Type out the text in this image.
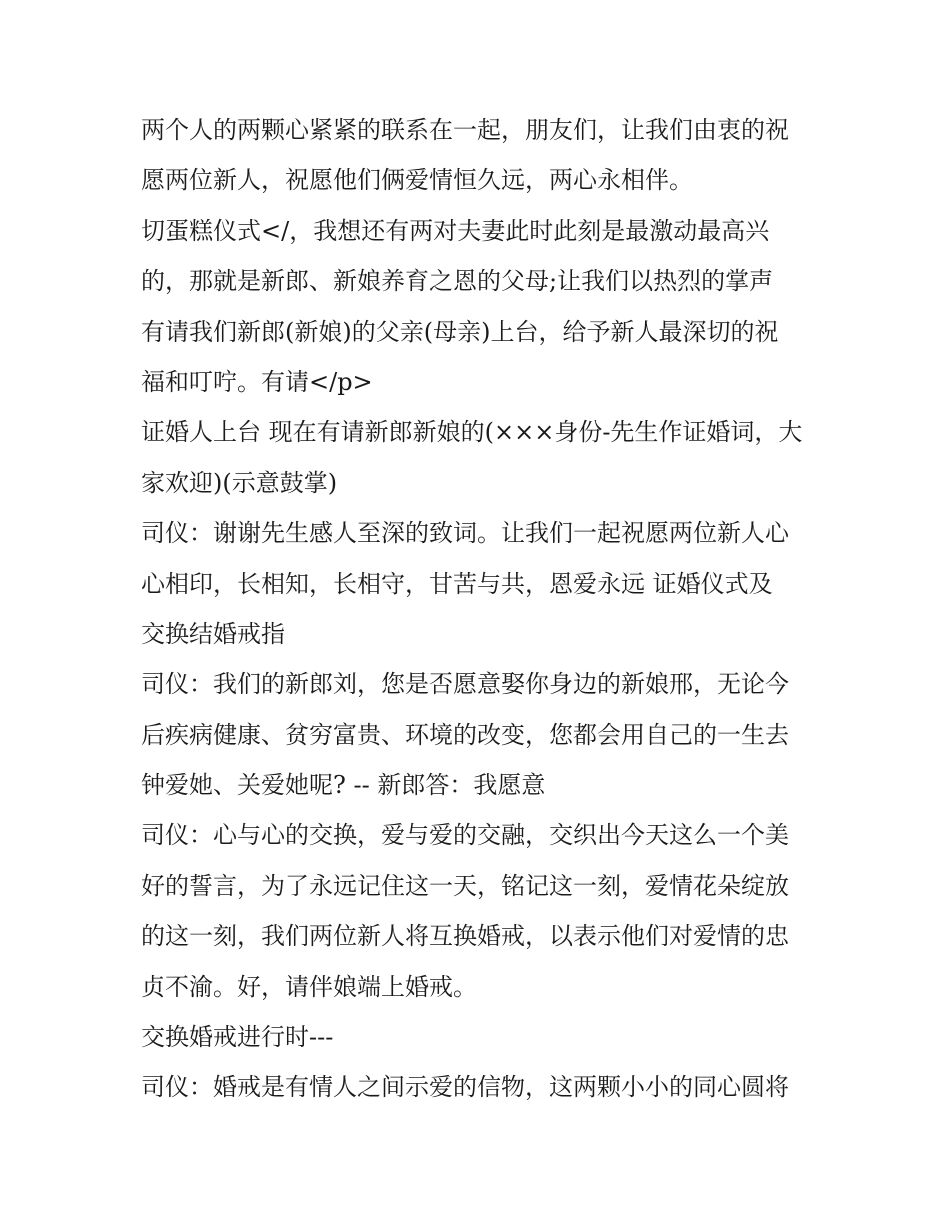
两个人的两颗心紧紧的联系在一起，朋友们，让我们由衷的祝
愿两位新人，祝愿他们俩爱情恒久远，两心永相伴。

切蛋糕仪式</，我想还有两对夫妻此时此刻是最激动最高兴
的，那就是新郎、新娘养育之恩的父母;让我们以热烈的掌声
有请我们新郎(新娘)的父亲(母亲)上台，给予新人最深切的祝
福和叮咛。有请</p>

证婚人上台 现在有请新郎新娘的(×××身份-先生作证婚词，大
家欢迎)(示意鼓掌)

司仪：谢谢先生感人至深的致词。让我们一起祝愿两位新人心
心相印，长相知，长相守，甘苦与共，恩爱永远 证婚仪式及
交换结婚戒指

司仪：我们的新郎刘，您是否愿意娶你身边的新娘邢，无论今
后疾病健康、贫穷富贵、环境的改变，您都会用自己的一生去
钟爱她、关爱她呢? -- 新郎答：我愿意

司仪：心与心的交换，爱与爱的交融，交织出今天这么一个美
好的誓言，为了永远记住这一天，铭记这一刻，爱情花朵绽放
的这一刻，我们两位新人将互换婚戒，以表示他们对爱情的忠
贞不渝。好，请伴娘端上婚戒。

交换婚戒进行时---

司仪：婚戒是有情人之间示爱的信物，这两颗小小的同心圆将
